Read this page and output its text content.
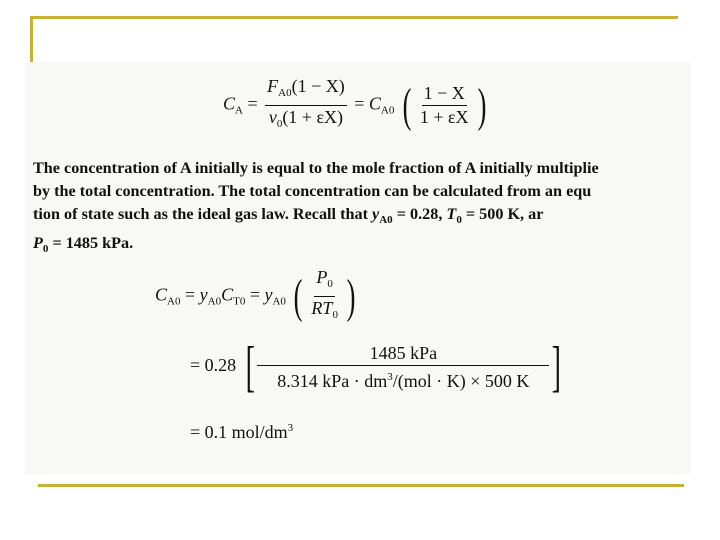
$C_A = \frac{F_{A0}(1 - X)}{v_0(1 + \varepsilon X)} = C_{A0}$ ( $\frac{1 - X}{1 + \varepsilon X}$ )
The concentration of A initially is equal to the mole fraction of A initially multiplie
by the total concentration. The total concentration can be calculated from an equ
tion of state such as the ideal gas law. Recall that $y_{A0} = 0.28$, $T_0 = 500$ K, ar
$P_0 = 1485$ kPa.
$C_{A0} = y_{A0}C_{T0} = y_{A0}$ ( $\frac{P_0}{RT_0}$ )
= 0.28 [ $\frac{\text{1485 kPa}}{8.314 kPa \cdot dm^3/(mol \cdot K) \times 500 K}$ ]
= 0.1 mol/$dm^3$
